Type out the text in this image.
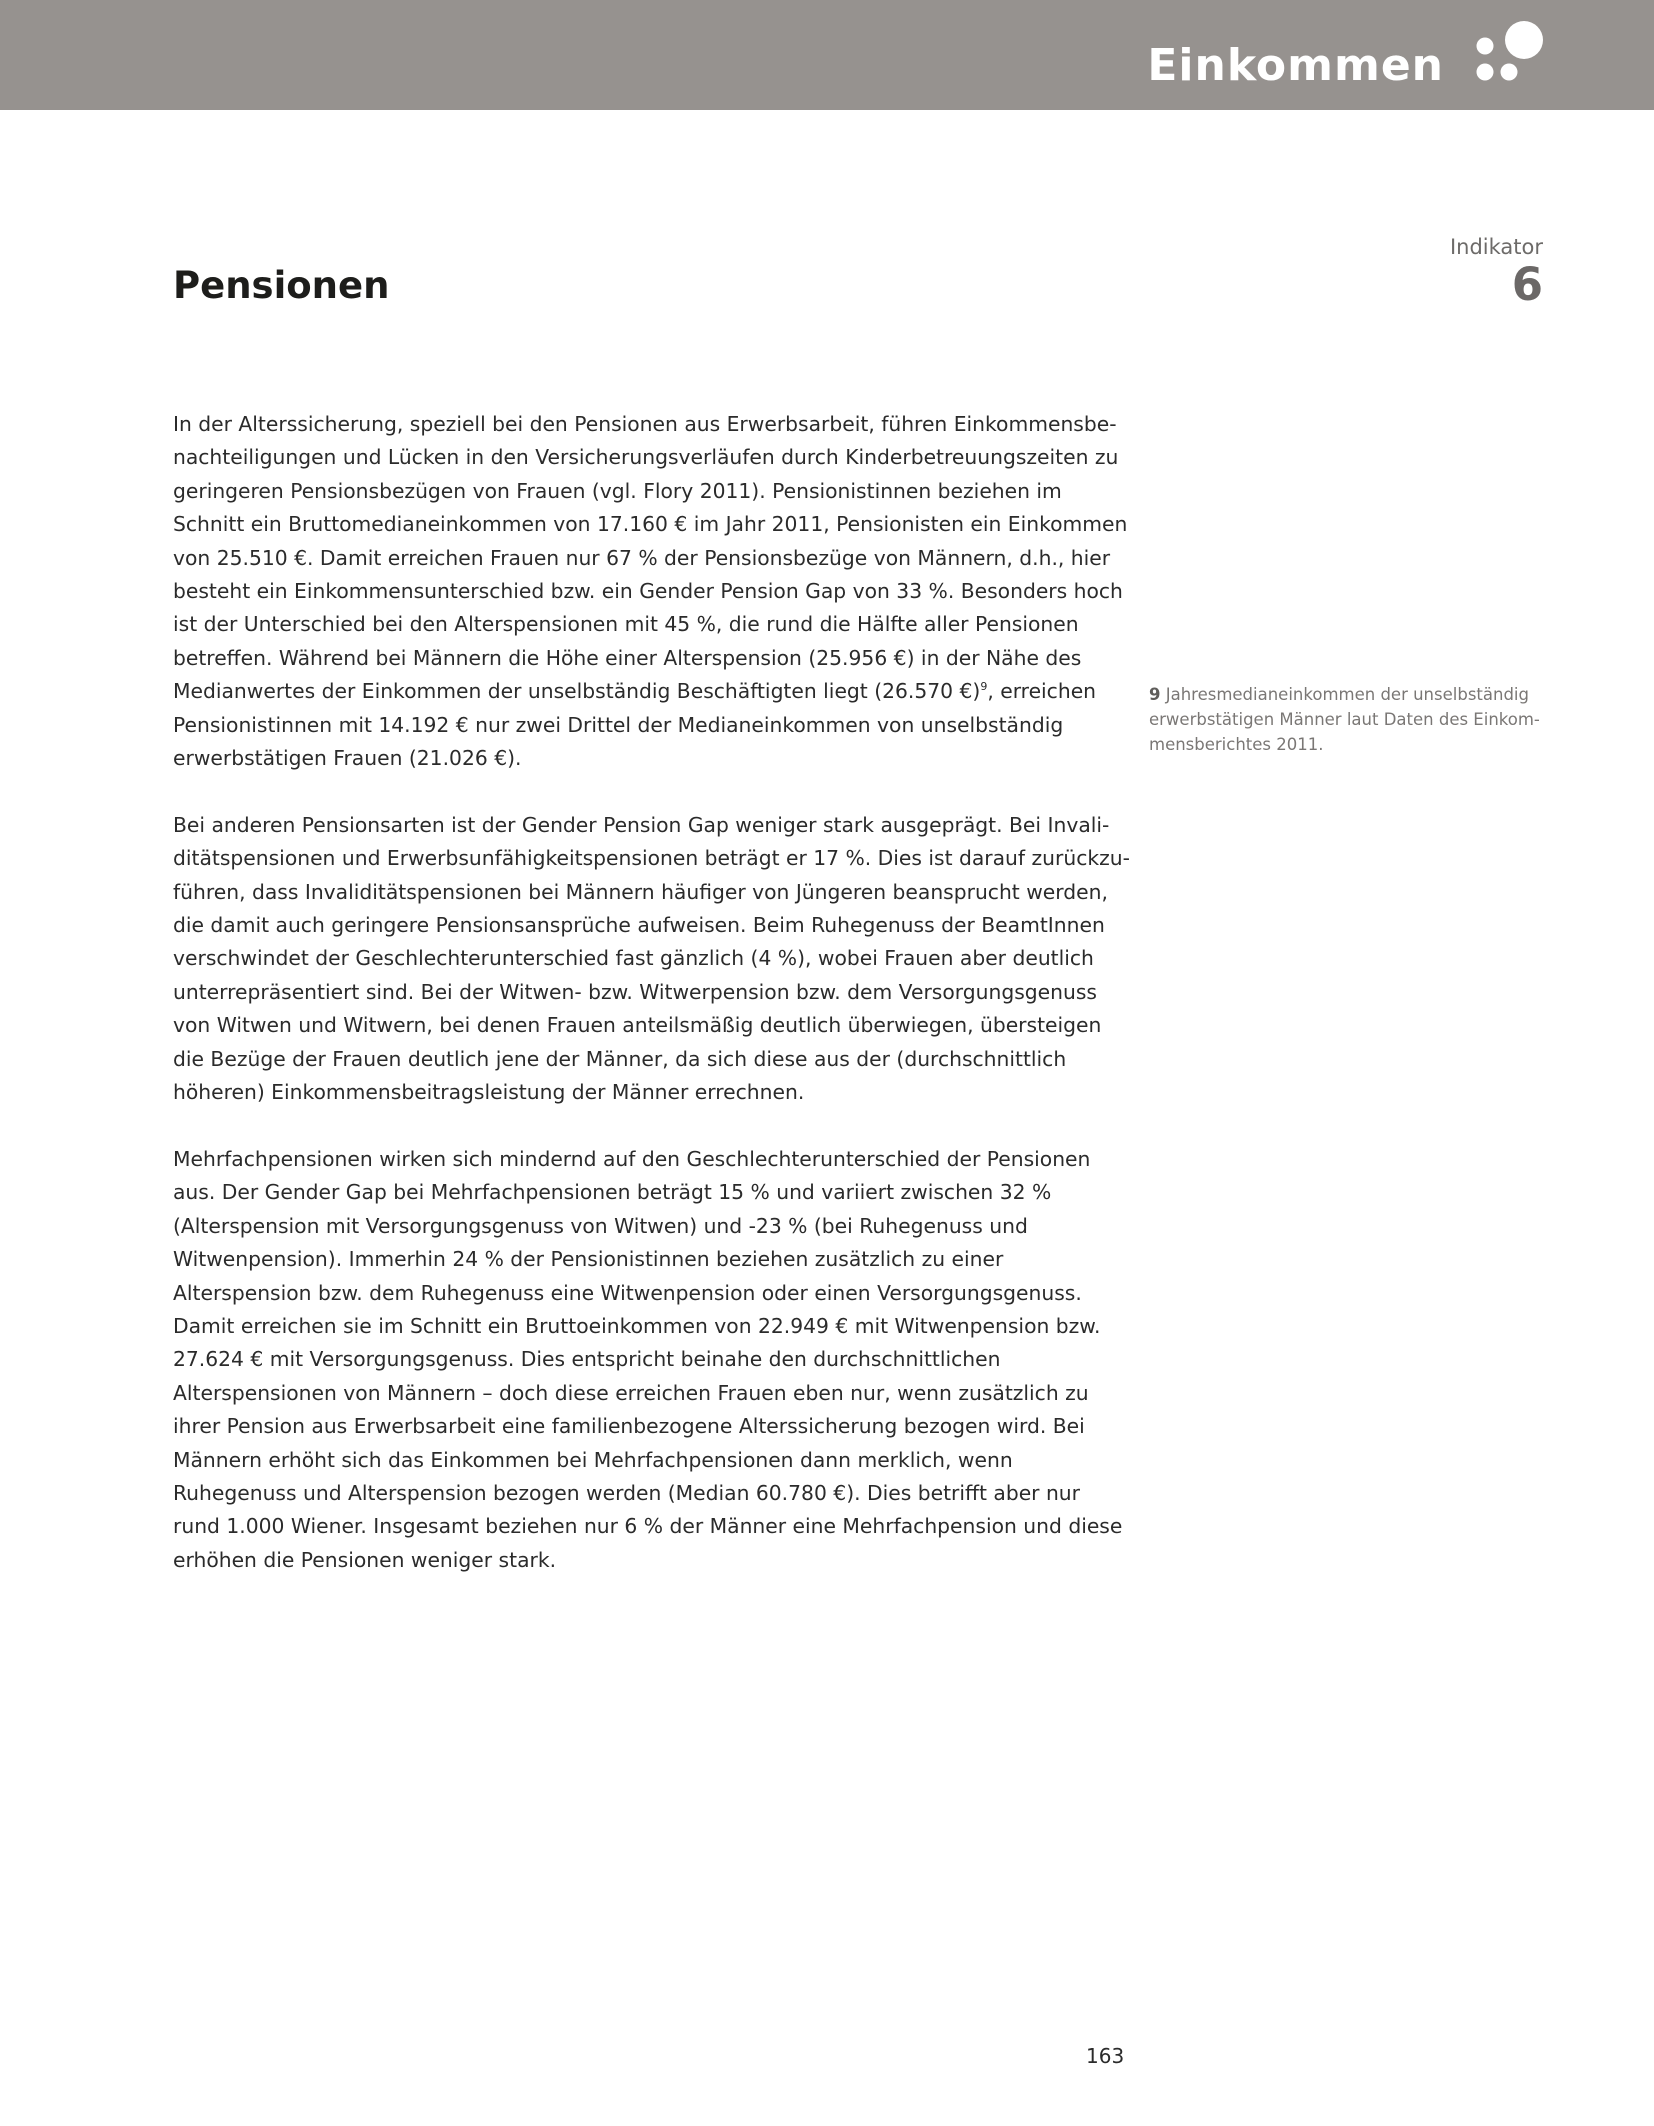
Einkommen
Pensionen
Indikator
6

In der Alterssicherung, speziell bei den Pensionen aus Erwerbsarbeit, führen Einkommensbenachteiligungen und Lücken in den Versicherungsverläufen durch Kinderbetreuungszeiten zu geringeren Pensionsbezügen von Frauen (vgl. Flory 2011). Pensionistinnen beziehen im Schnitt ein Bruttomedianeinkommen von 17.160 € im Jahr 2011, Pensionisten ein Einkommen von 25.510 €. Damit erreichen Frauen nur 67 % der Pensionsbezüge von Männern, d.h., hier besteht ein Einkommensunterschied bzw. ein Gender Pension Gap von 33 %. Besonders hoch ist der Unterschied bei den Alterspensionen mit 45 %, die rund die Hälfte aller Pensionen betreffen. Während bei Männern die Höhe einer Alterspension (25.956 €) in der Nähe des Medianwertes der Einkommen der unselbständig Beschäftigten liegt (26.570 €)$^9$, erreichen Pensionistinnen mit 14.192 € nur zwei Drittel der Medianeinkommen von unselbständig erwerbstätigen Frauen (21.026 €).

Bei anderen Pensionsarten ist der Gender Pension Gap weniger stark ausgeprägt. Bei Invaliditätspensionen und Erwerbsunfähigkeitspensionen beträgt er 17 %. Dies ist darauf zurückzuführen, dass Invaliditätspensionen bei Männern häufiger von Jüngeren beansprucht werden, die damit auch geringere Pensionsansprüche aufweisen. Beim Ruhegenuss der BeamtInnen verschwindet der Geschlechterunterschied fast gänzlich (4 %), wobei Frauen aber deutlich unterrepräsentiert sind. Bei der Witwen- bzw. Witwerpension bzw. dem Versorgungsgenuss von Witwen und Witwern, bei denen Frauen anteilsmäßig deutlich überwiegen, übersteigen die Bezüge der Frauen deutlich jene der Männer, da sich diese aus der (durchschnittlich höheren) Einkommensbeitragsleistung der Männer errechnen.

Mehrfachpensionen wirken sich mindernd auf den Geschlechterunterschied der Pensionen aus. Der Gender Gap bei Mehrfachpensionen beträgt 15 % und variiert zwischen 32 % (Alterspension mit Versorgungsgenuss von Witwen) und -23 % (bei Ruhegenuss und Witwenpension). Immerhin 24 % der Pensionistinnen beziehen zusätzlich zu einer Alterspension bzw. dem Ruhegenuss eine Witwenpension oder einen Versorgungsgenuss. Damit erreichen sie im Schnitt ein Bruttoeinkommen von 22.949 € mit Witwenpension bzw. 27.624 € mit Versorgungsgenuss. Dies entspricht beinahe den durchschnittlichen Alterspensionen von Männern – doch diese erreichen Frauen eben nur, wenn zusätzlich zu ihrer Pension aus Erwerbsarbeit eine familienbezogene Alterssicherung bezogen wird. Bei Männern erhöht sich das Einkommen bei Mehrfachpensionen dann merklich, wenn Ruhegenuss und Alterspension bezogen werden (Median 60.780 €). Dies betrifft aber nur rund 1.000 Wiener. Insgesamt beziehen nur 6 % der Männer eine Mehrfachpension und diese erhöhen die Pensionen weniger stark.

9 Jahresmedianeinkommen der unselbständig erwerbstätigen Männer laut Daten des Einkommensberichtes 2011.
163
